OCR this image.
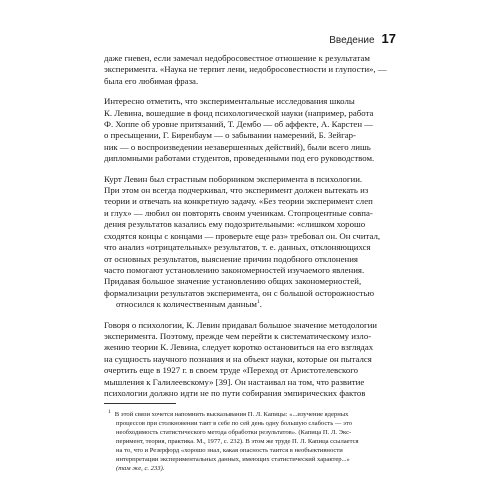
Введение 17

даже гневен, если замечал недобросовестное отношение к результатам
эксперимента. «Наука не терпит лени, недобросовестности и глупости», —
была его любимая фраза.

Интересно отметить, что экспериментальные исследования школы
К. Левина, вошедшие в фонд психологической науки (например, работа
Ф. Хоппе об уровне притязаний, Т. Дембо — об аффекте, А. Карстен —
о пресыщении, Г. Биренбаум — о забывании намерений, Б. Зейгар-
ник — о воспроизведении незавершенных действий), были всего лишь
дипломными работами студентов, проведенными под его руководством.

Курт Левин был страстным поборником эксперимента в психологии.
При этом он всегда подчеркивал, что эксперимент должен вытекать из
теории и отвечать на конкретную задачу. «Без теории эксперимент слеп
и глух» — любил он повторять своим ученикам. Стопроцентные совпа-
дения результатов казались ему подозрительными: «слишком хорошо
сходятся концы с концами — проверьте еще раз» требовал он. Он считал,
что анализ «отрицательных» результатов, т. е. данных, отклоняющихся
от основных результатов, выяснение причин подобного отклонения
часто помогают установлению закономерностей изучаемого явления.
Придавая большое значение установлению общих закономерностей,
формализации результатов эксперимента, он с большой осторожностью
относился к количественным данным$^1$.

Говоря о психологии, К. Левин придавал большое значение методологии
эксперимента. Поэтому, прежде чем перейти к систематическому изло-
жению теории К. Левина, следует коротко остановиться на его взглядах
на сущность научного познания и на объект науки, которые он пытался
очертить еще в 1927 г. в своем труде «Переход от Аристотелевского
мышления к Галилеевскому» [39]. Он настаивал на том, что развитие
психологии должно идти не по пути собирания эмпирических фактов

$^1$ В этой связи хочется напомнить высказывания П. Л. Капицы: «...изучение ядерных
процессов при столкновении таит в себе по сей день одну большую слабость — это
необходимость статистического метода обработки результатов». (Капица П. Л. Экс-
перимент, теория, практика. М., 1977, с. 232). В этом же труде П. Л. Капица ссылается
на то, что и Резерфорд «хорошо знал, какая опасность таится в необъективности
интерпретации экспериментальных данных, имеющих статистический характер...»
(там же, с. 233).
